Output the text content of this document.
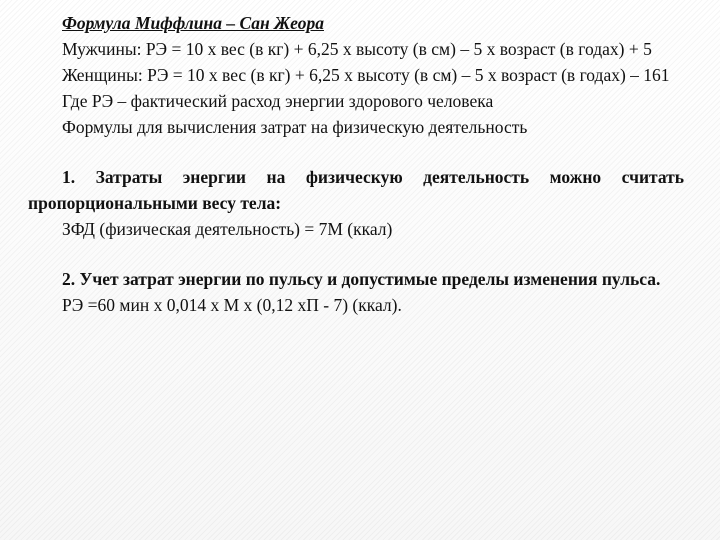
Формула Миффлина – Сан Жеора

Мужчины: РЭ = 10 х вес (в кг) + 6,25 х высоту (в см) – 5 х возраст (в годах) + 5

Женщины: РЭ = 10 х вес (в кг) + 6,25 х высоту (в см) – 5 х возраст (в годах) – 161

Где РЭ – фактический расход энергии здорового человека

Формулы для вычисления затрат на физическую деятельность

1. Затраты энергии на физическую деятельность можно считать пропорциональными весу тела:

ЗФД (физическая деятельность) = 7М (ккал)

2. Учет затрат энергии по пульсу и допустимые пределы изменения пульса.

РЭ =60 мин х 0,014 х М х (0,12 хП - 7) (ккал).
